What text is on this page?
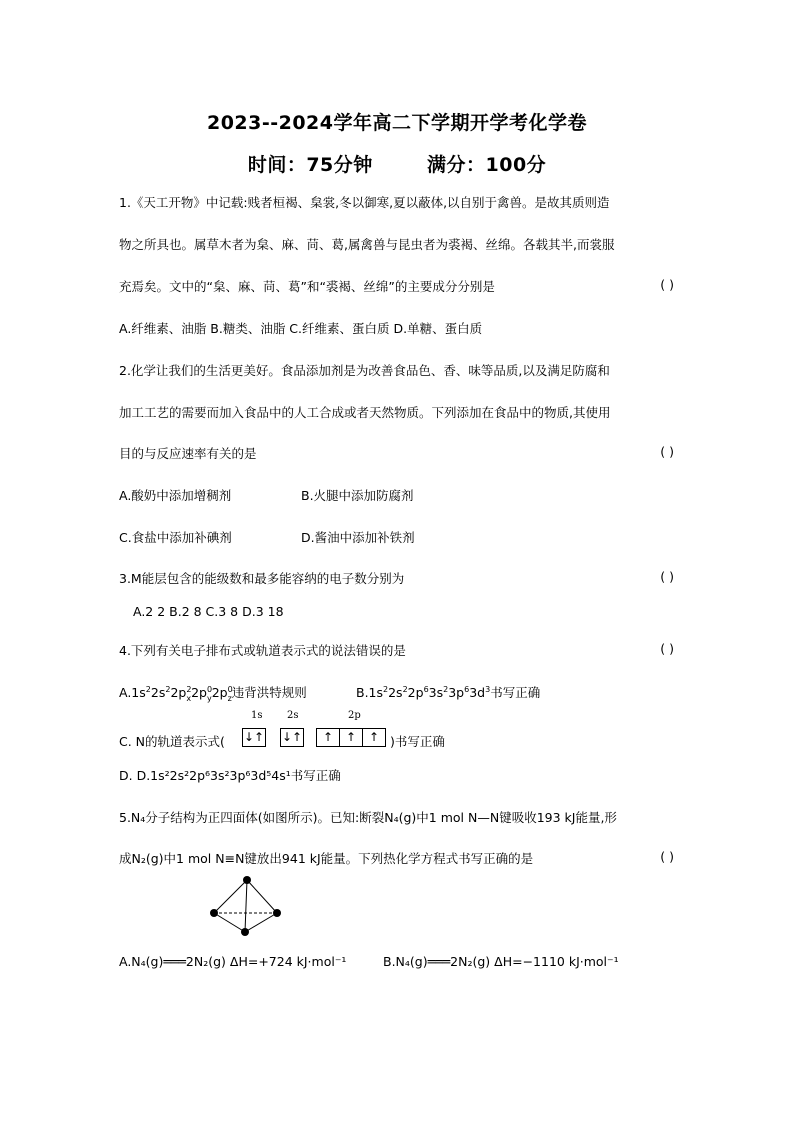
2023--2024学年高二下学期开学考化学卷
时间：75分钟	满分：100分
1.《天工开物》中记载:贱者桓褐、枲裳,冬以御寒,夏以蔽体,以自别于禽兽。是故其质则造
物之所具也。属草木者为枲、麻、苘、葛,属禽兽与昆虫者为裘褐、丝绵。各载其半,而裳服
充焉矣。文中的“枲、麻、苘、葛”和“裘褐、丝绵”的主要成分分别是	( )
A.纤维素、油脂 B.糖类、油脂 C.纤维素、蛋白质 D.单糖、蛋白质
2.化学让我们的生活更美好。食品添加剂是为改善食品色、香、味等品质,以及满足防腐和
加工工艺的需要而加入食品中的人工合成或者天然物质。下列添加在食品中的物质,其使用
目的与反应速率有关的是	( )
A.酸奶中添加增稠剂	B.火腿中添加防腐剂
C.食盐中添加补碘剂	D.酱油中添加补铁剂
3.M能层包含的能级数和最多能容纳的电子数分别为	( )
A.2 2 B.2 8 C.3 8 D.3 18
4.下列有关电子排布式或轨道表示式的说法错误的是	( )
$A.1s^22s^22p$ $_{2 x}$2p $_{0 y}$2p $_{0 z}$违背洪特规则	$B.1s^22s^22p^63s^23p^63d^3$书写正确
1s 2s	2p
C. N的轨道表示式( ↓↑ ↓↑	↑	↑	↑ )书写正确
D. D.1s²2s²2p⁶3s²3p⁶3d⁵4s¹书写正确
5.N₄分子结构为正四面体(如图所示)。已知:断裂N₄(g)中1 mol N—N键吸收193 kJ能量,形
成N₂(g)中1 mol N≡N键放出941 kJ能量。下列热化学方程式书写正确的是	( )
A.N₄(g)═══2N₂(g) ΔH=+724 kJ·mol⁻¹	B.N₄(g)═══2N₂(g) ΔH=−1110 kJ·mol⁻¹
